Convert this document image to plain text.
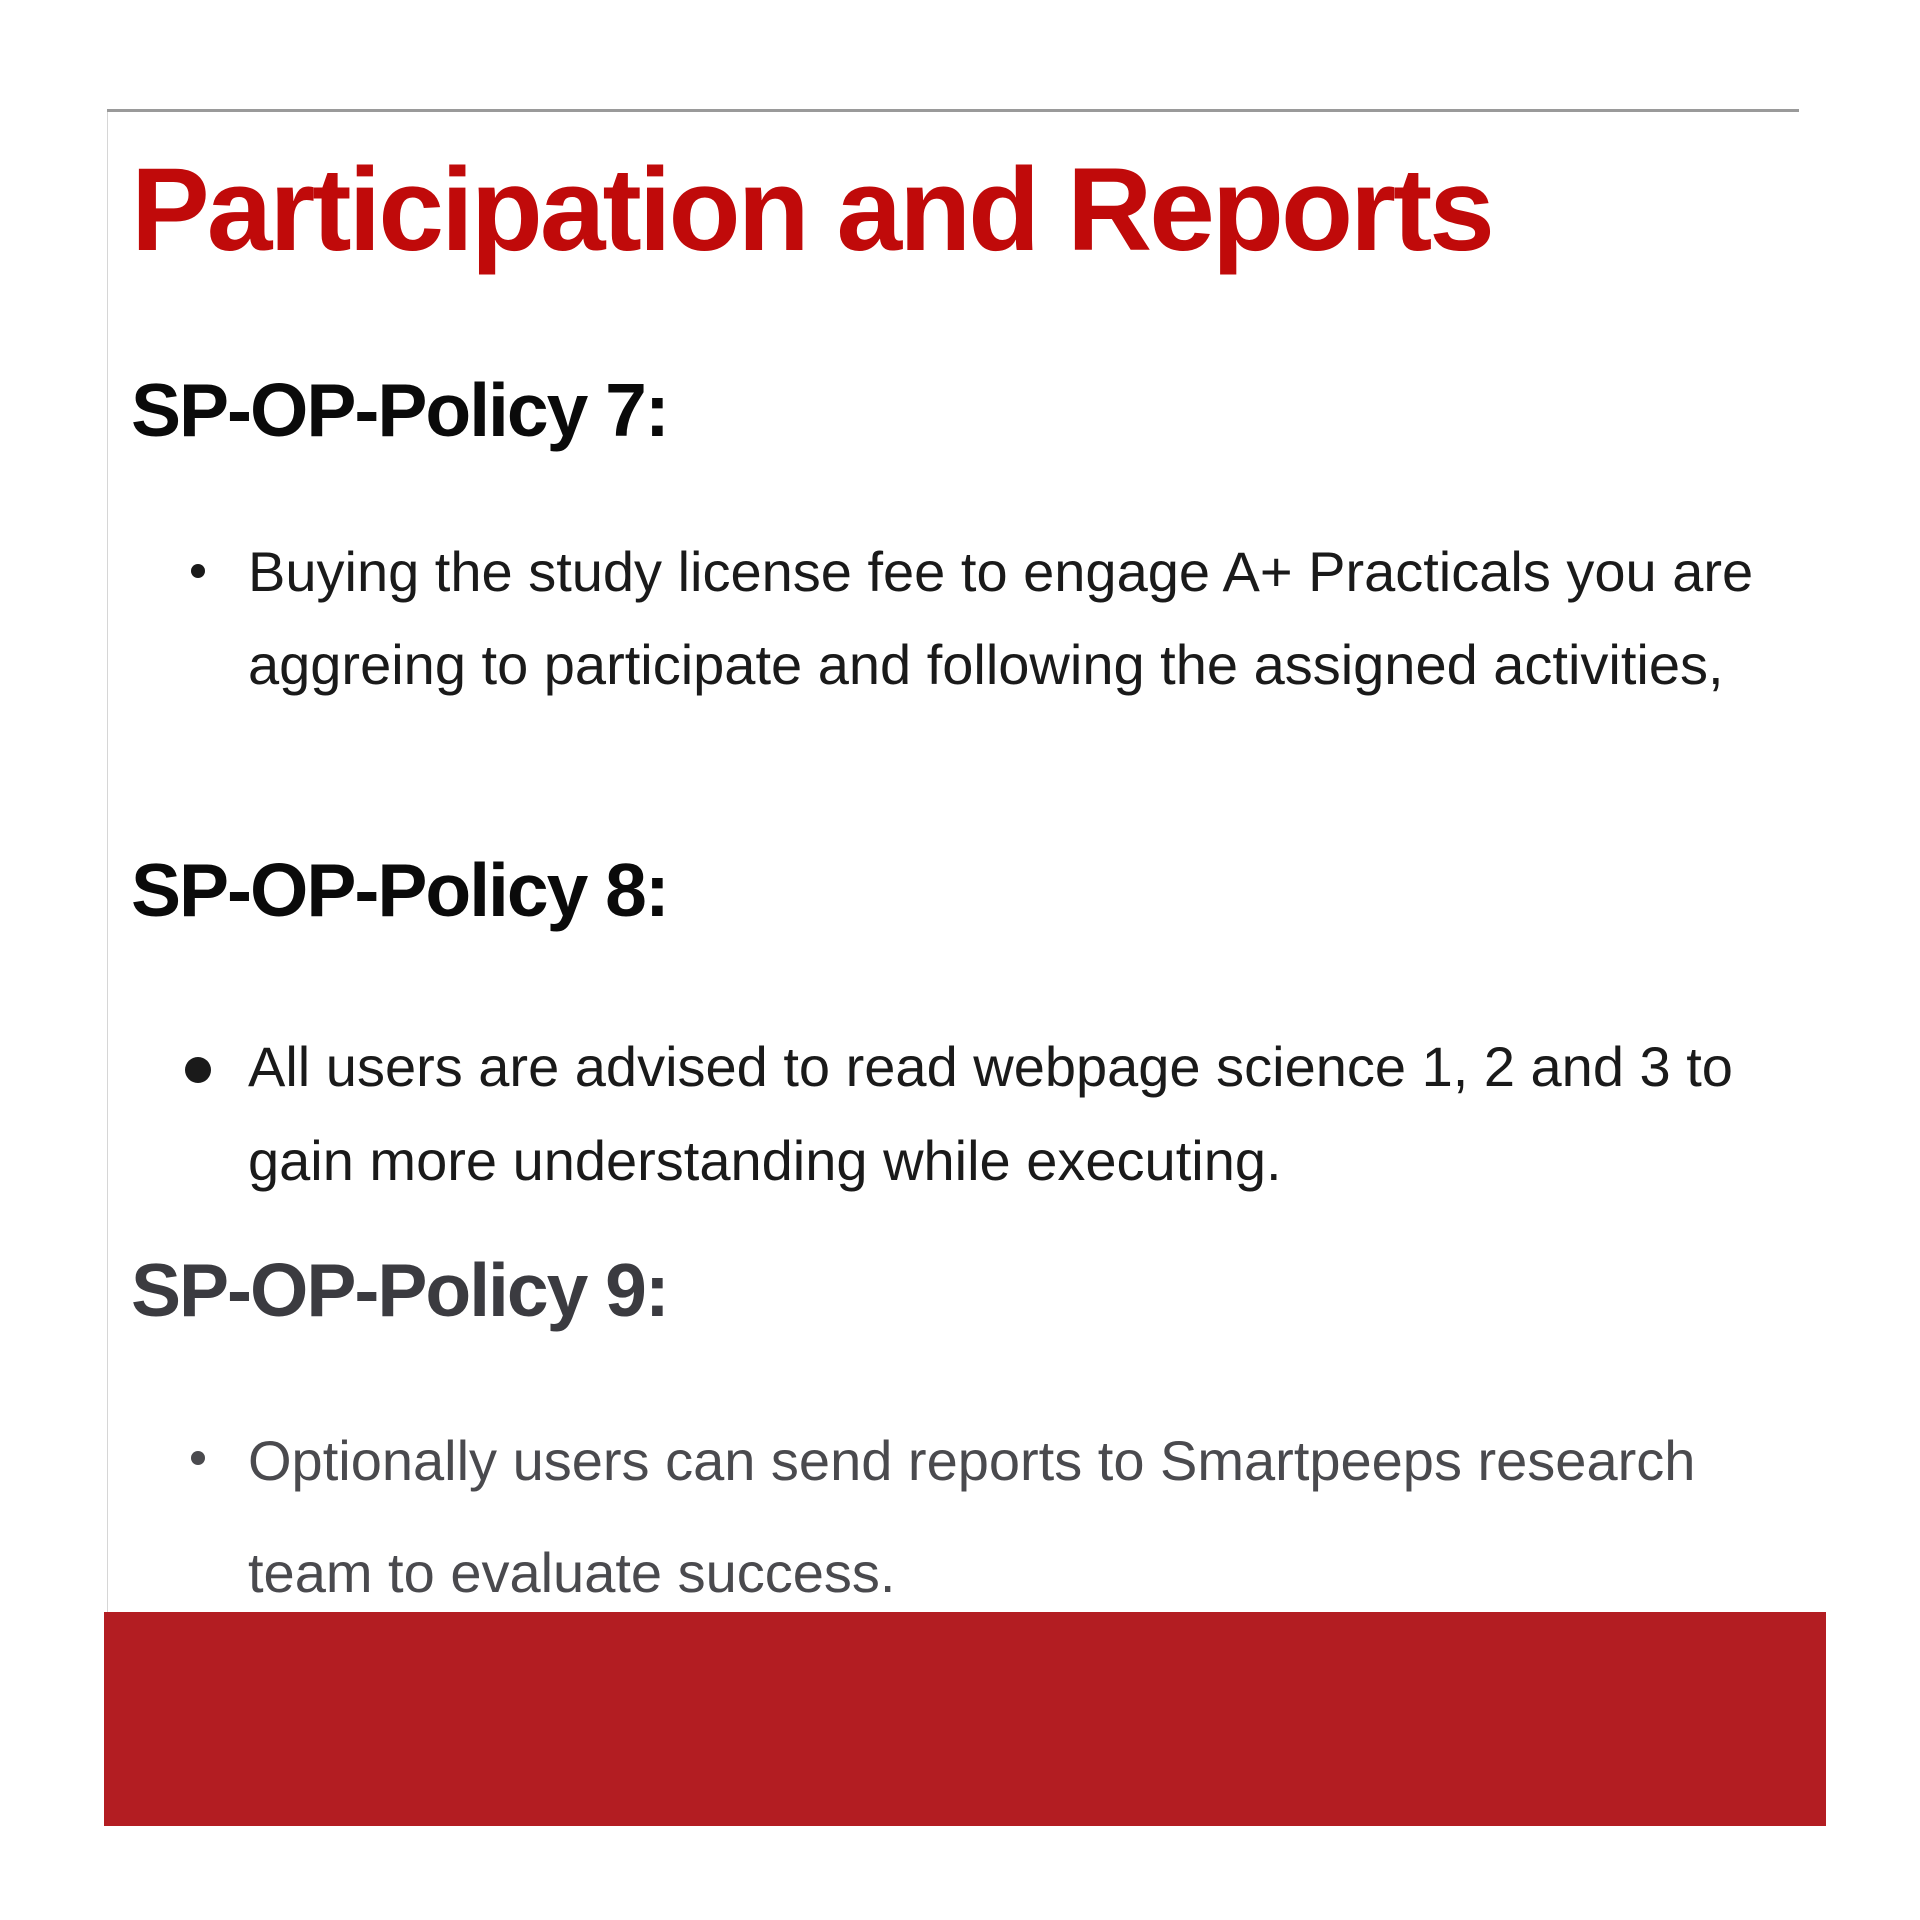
Participation and Reports
SP-OP-Policy 7:

Buying the study license fee to engage A+ Practicals you are aggreing to participate and following the assigned activities,

SP-OP-Policy 8:

All users are advised to read webpage science 1, 2 and 3 to gain more understanding while executing.

SP-OP-Policy 9:

Optionally users can send reports to Smartpeeps research team to evaluate success.
